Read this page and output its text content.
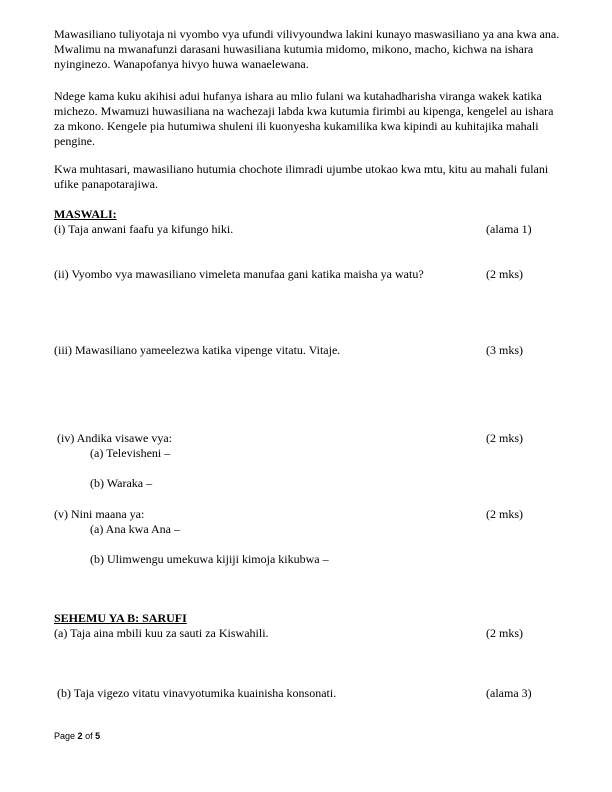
Mawasiliano tuliyotaja ni vyombo vya ufundi vilivyoundwa lakini kunayo maswasiliano ya ana kwa ana. Mwalimu na mwanafunzi darasani huwasiliana kutumia midomo, mikono, macho, kichwa na ishara nyinginezo. Wanapofanya hivyo huwa wanaelewana.

Ndege kama kuku akihisi adui hufanya ishara au mlio fulani wa kutahadharisha viranga wakek katika michezo. Mwamuzi huwasiliana na wachezaji labda kwa kutumia firimbi au kipenga, kengelel au ishara za mkono. Kengele pia hutumiwa shuleni ili kuonyesha kukamilika kwa kipindi au kuhitajika mahali pengine.

Kwa muhtasari, mawasiliano hutumia chochote ilimradi ujumbe utokao kwa mtu, kitu au mahali fulani ufike panapotarajiwa.

MASWALI:

(i) Taja anwani faafu ya kifungo hiki.	(alama 1)

(ii) Vyombo vya mawasiliano vimeleta manufaa gani katika maisha ya watu?	(2 mks)

(iii) Mawasiliano yameelezwa katika vipenge vitatu. Vitaje.	(3 mks)

(iv) Andika visawe vya:	(2 mks)

(a) Televisheni –

(b) Waraka –

(v) Nini maana ya:	(2 mks)

(a) Ana kwa Ana –

(b) Ulimwengu umekuwa kijiji kimoja kikubwa –

SEHEMU YA B: SARUFI

(a) Taja aina mbili kuu za sauti za Kiswahili.	(2 mks)

(b) Taja vigezo vitatu vinavyotumika kuainisha konsonati.	(alama 3)

Page 2 of 5
